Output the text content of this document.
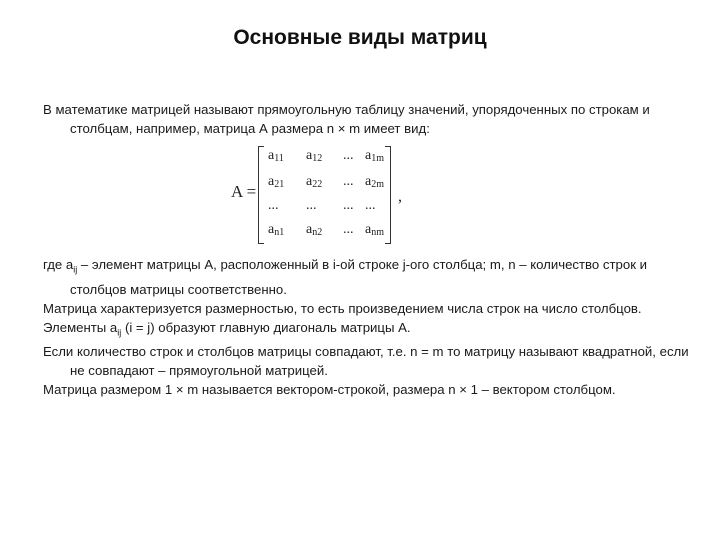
Основные виды матриц
В математике матрицей называют прямоугольную таблицу значений, упорядоченных по строкам и столбцам, например, матрица А размера n × m имеет вид:
A =	,
$a_{11}$ $a_{12}$ ... $a_{1m}$
$a_{21}$ $a_{22}$ ... $a_{2m}$
... ... ... ...
$a_{n1}$ $a_{n2}$ ... $a_{nm}$
где $a_{ij}$ – элемент матрицы А, расположенный в i-ой строке j-ого столбца; m, n – количество строк и столбцов матрицы соответственно.
Матрица характеризуется размерностью, то есть произведением числа строк на число столбцов.
Элементы $a_{ij}$ (i = j) образуют главную диагональ матрицы А.
Если количество строк и столбцов матрицы совпадают, т.е. n = m то матрицу называют квадратной, если не совпадают – прямоугольной матрицей.
Матрица размером 1 × m называется вектором-строкой, размера n × 1 – вектором столбцом.
